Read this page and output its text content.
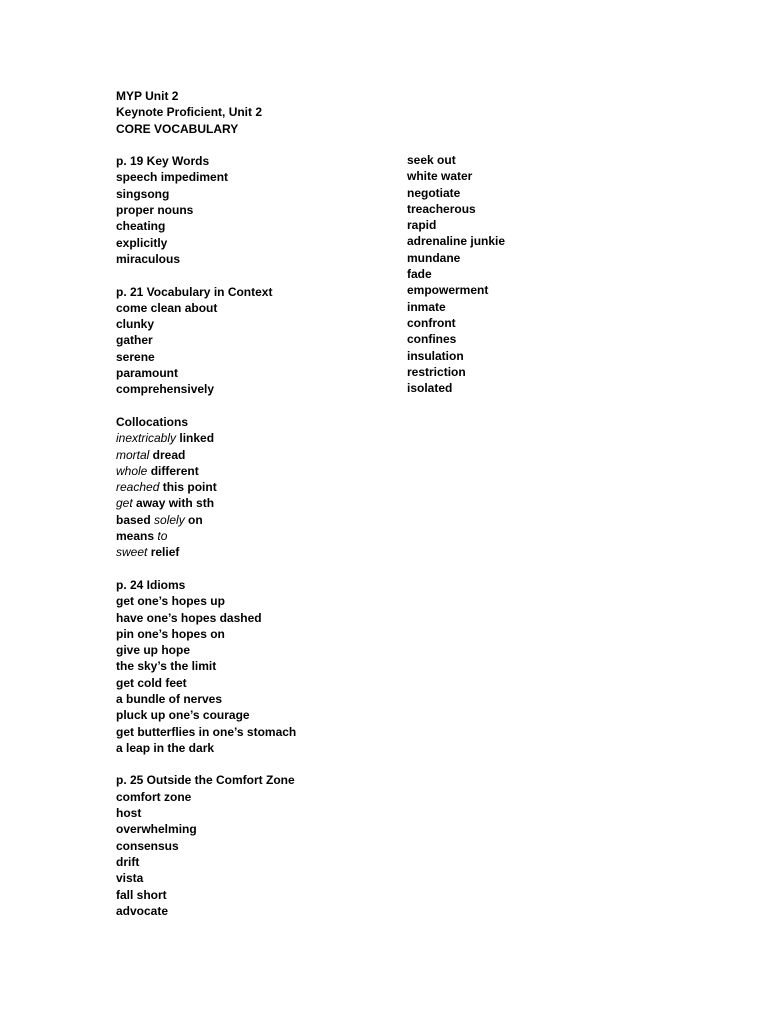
MYP Unit 2
Keynote Proficient, Unit 2
CORE VOCABULARY
p. 19 Key Words
speech impediment
singsong
proper nouns
cheating
explicitly
miraculous
p. 21 Vocabulary in Context
come clean about
clunky
gather
serene
paramount
comprehensively
Collocations
inextricably linked
mortal dread
whole different
reached this point
get away with sth
based solely on
means to
sweet relief
p. 24 Idioms
get one’s hopes up
have one’s hopes dashed
pin one’s hopes on
give up hope
the sky’s the limit
get cold feet
a bundle of nerves
pluck up one’s courage
get butterflies in one’s stomach
a leap in the dark
p. 25 Outside the Comfort Zone
comfort zone
host
overwhelming
consensus
drift
vista
fall short
advocate
seek out
white water
negotiate
treacherous
rapid
adrenaline junkie
mundane
fade
empowerment
inmate
confront
confines
insulation
restriction
isolated
